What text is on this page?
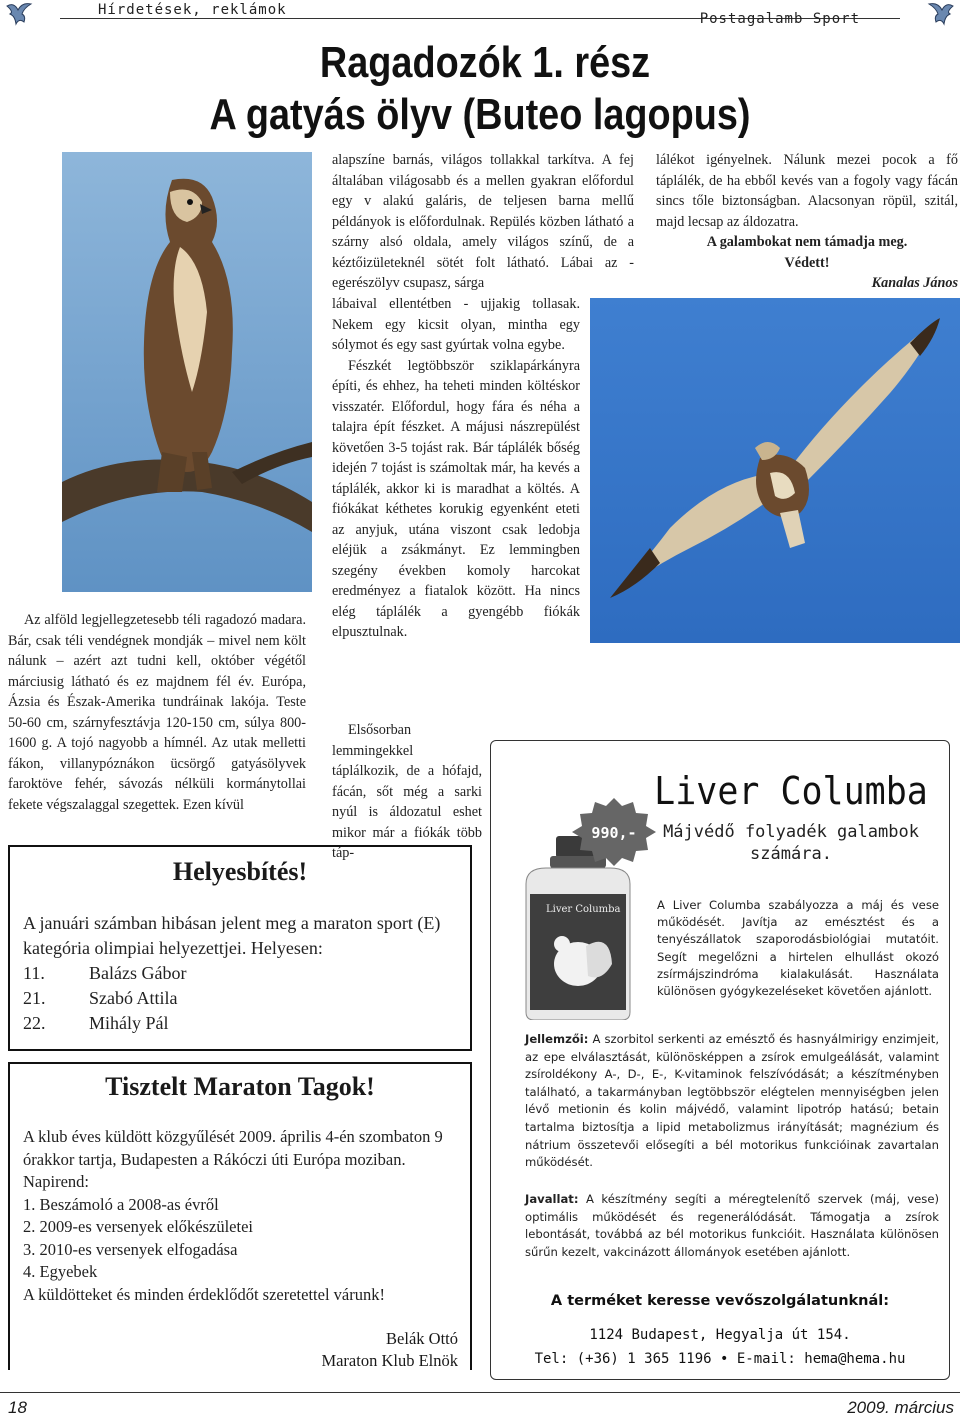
Hírdetések, reklámok
Postagalamb Sport
Ragadozók 1. rész
A gatyás ölyv (Buteo lagopus)

Az alföld legjellegzetesebb téli ragadozó madara. Bár, csak téli vendégnek mondják – mivel nem költ nálunk – azért azt tudni kell, október végétől márciusig látható és ez majdnem fél év. Európa, Ázsia és Észak-Amerika tundráinak lakója. Teste 50-60 cm, szárnyfesztávja 120-150 cm, súlya 800-1600 g. A tojó nagyobb a hímnél. Az utak melletti fákon, villanypóznákon ücsörgő gatyásölyvek faroktöve fehér, sávozás nélküli kormánytollai fekete végszalaggal szegettek. Ezen kívül

alapszíne barnás, világos tollakkal tarkítva. A fej általában világosabb és a mellen gyakran előfordul egy v alakú galáris, de teljesen barna mellű példányok is előfordulnak. Repülés közben látható a szárny alsó oldala, amely világos színű, de a kéztőizületeknél sötét folt látható. Lábai az - egerészölyv csupasz, sárga

lábaival ellentétben - ujjakig tollasak. Nekem egy kicsit olyan, mintha egy sólymot és egy sast gyúrtak volna egybe.

Fészkét legtöbbször sziklapárkányra építi, és ehhez, ha teheti minden költéskor visszatér. Előfordul, hogy fára és néha a talajra épít fészket. A májusi nászrepülést követően 3-5 tojást rak. Bár táplálék bőség idején 7 tojást is számoltak már, ha kevés a táplálék, akkor ki is maradhat a költés. A fiókákat kéthetes korukig egyenként eteti az anyjuk, utána viszont csak ledobja eléjük a zsákmányt. Ez lemmingben szegény években komoly harcokat eredményez a fiatalok között. Ha nincs elég táplálék a gyengébb fiókák elpusztulnak.

Elsősorban lemmingekkel táplálkozik, de a hófajd, fácán, sőt még a sarki nyúl is áldozatul eshet mikor már a fiókák több táp-

lálékot igényelnek. Nálunk mezei pocok a fő táplálék, de ha ebből kevés van a fogoly vagy fácán sincs tőle biztonságban. Alacsonyan röpül, szitál, majd lecsap az áldozatra.

A galambokat nem támadja meg.

Védett!

Kanalas János

Helyesbítés!
A januári számban hibásan jelent meg a maraton sport (E) kategória olimpiai helyezettjei. Helyesen:
11. Balázs Gábor
21. Szabó Attila
22. Mihály Pál
Tisztelt Maraton Tagok!
A klub éves küldött közgyűlését 2009. április 4-én szombaton 9 órakkor tartja, Budapesten a Rákóczi úti Európa moziban.
Napirend:
1. Beszámoló a 2008-as évről
2. 2009-es versenyek előkészületei
3. 2010-es versenyek elfogadása
4. Egyebek
A küldötteket és minden érdeklődőt szeretettel várunk!
Belák Ottó
Maraton Klub Elnök
Liver Columba
Májvédő folyadék galambok számára.
A Liver Columba szabályozza a máj és vese működését. Javítja az emésztést és a tenyészállatok szaporodásbiológiai mutatóit. Segít megelőzni a hirtelen elhullást okozó zsírmájszindróma kialakulását. Használata különösen gyógykezeléseket követően ajánlott.
Jellemzői: A szorbitol serkenti az emésztő és hasnyálmirigy enzimjeit, az epe elválasztását, különösképpen a zsírok emulgeálását, valamint zsíroldékony A-, D-, E-, K-vitaminok felszívódását; a készítményben található, a takarmányban legtöbbször elégtelen mennyiségben jelen lévő metionin és kolin májvédő, valamint lipotróp hatású; betain tartalma biztosítja a lipid metabolizmus irányítását; magnézium és nátrium összetevői elősegíti a bél motorikus funkcióinak zavartalan működését.
Javallat: A készítmény segíti a méregtelenítő szervek (máj, vese) optimális működését és regenerálódását. Támogatja a zsírok lebontását, továbbá az bél motorikus funkcióit. Használata különösen sűrűn kezelt, vakcinázott állományok esetében ajánlott.
A terméket keresse vevőszolgálatunknál:
1124 Budapest, Hegyalja út 154.
Tel: (+36) 1 365 1196 • E-mail: hema@hema.hu
Liver Columba
990,-
18	2009. március
